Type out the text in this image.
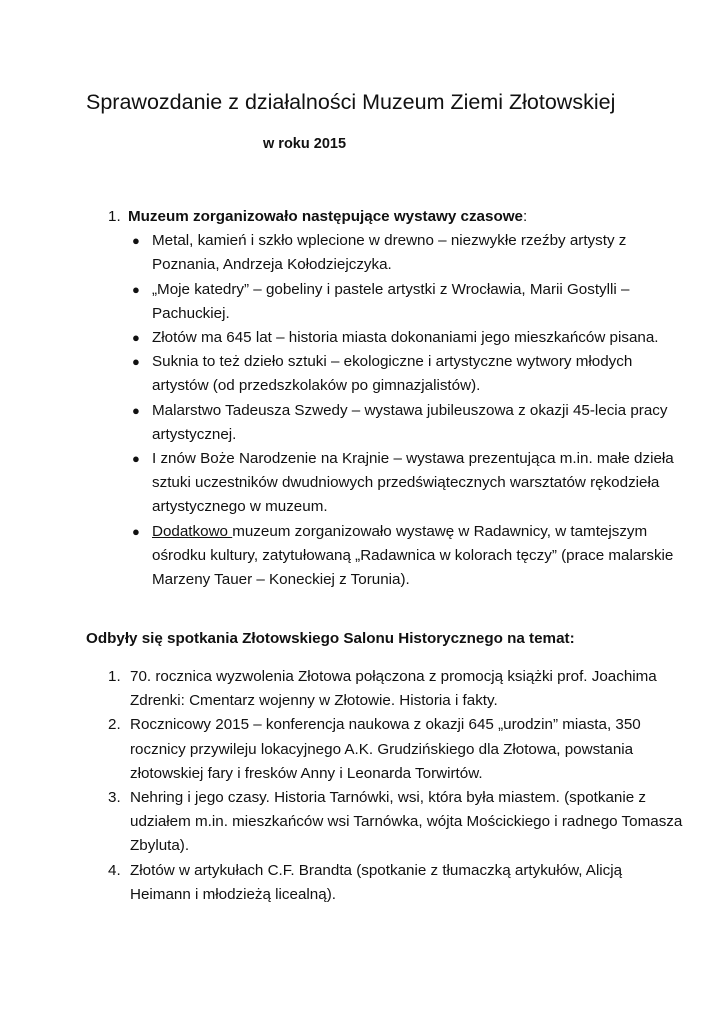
Sprawozdanie z działalności Muzeum Ziemi Złotowskiej
w roku 2015
1. Muzeum zorganizowało następujące wystawy czasowe:
● Metal, kamień i szkło wplecione w drewno – niezwykłe rzeźby artysty z Poznania, Andrzeja Kołodziejczyka.
● „Moje katedry” – gobeliny i pastele artystki z Wrocławia, Marii Gostylli – Pachuckiej.
● Złotów ma 645 lat – historia miasta dokonaniami jego mieszkańców pisana.
● Suknia to też dzieło sztuki – ekologiczne i artystyczne wytwory młodych artystów (od przedszkolaków po gimnazjalistów).
● Malarstwo Tadeusza Szwedy – wystawa jubileuszowa z okazji 45-lecia pracy artystycznej.
● I znów Boże Narodzenie na Krajnie – wystawa prezentująca m.in. małe dzieła sztuki uczestników dwudniowych przedświątecznych warsztatów rękodzieła artystycznego w muzeum.
● Dodatkowo muzeum zorganizowało wystawę w Radawnicy, w tamtejszym ośrodku kultury, zatytułowaną „Radawnica w kolorach tęczy” (prace malarskie Marzeny Tauer – Koneckiej z Torunia).
Odbyły się spotkania Złotowskiego Salonu Historycznego na temat:
1. 70. rocznica wyzwolenia Złotowa połączona z promocją książki prof. Joachima Zdrenki: Cmentarz wojenny w Złotowie. Historia i fakty.
2. Rocznicowy 2015 – konferencja naukowa z okazji 645 „urodzin” miasta, 350 rocznicy przywileju lokacyjnego A.K. Grudzińskiego dla Złotowa, powstania złotowskiej fary i fresków Anny i Leonarda Torwirtów.
3. Nehring i jego czasy. Historia Tarnówki, wsi, która była miastem. (spotkanie z udziałem m.in. mieszkańców wsi Tarnówka, wójta Mościckiego i radnego Tomasza Zbyluta).
4. Złotów w artykułach C.F. Brandta (spotkanie z tłumaczką artykułów, Alicją Heimann i młodzieżą licealną).
